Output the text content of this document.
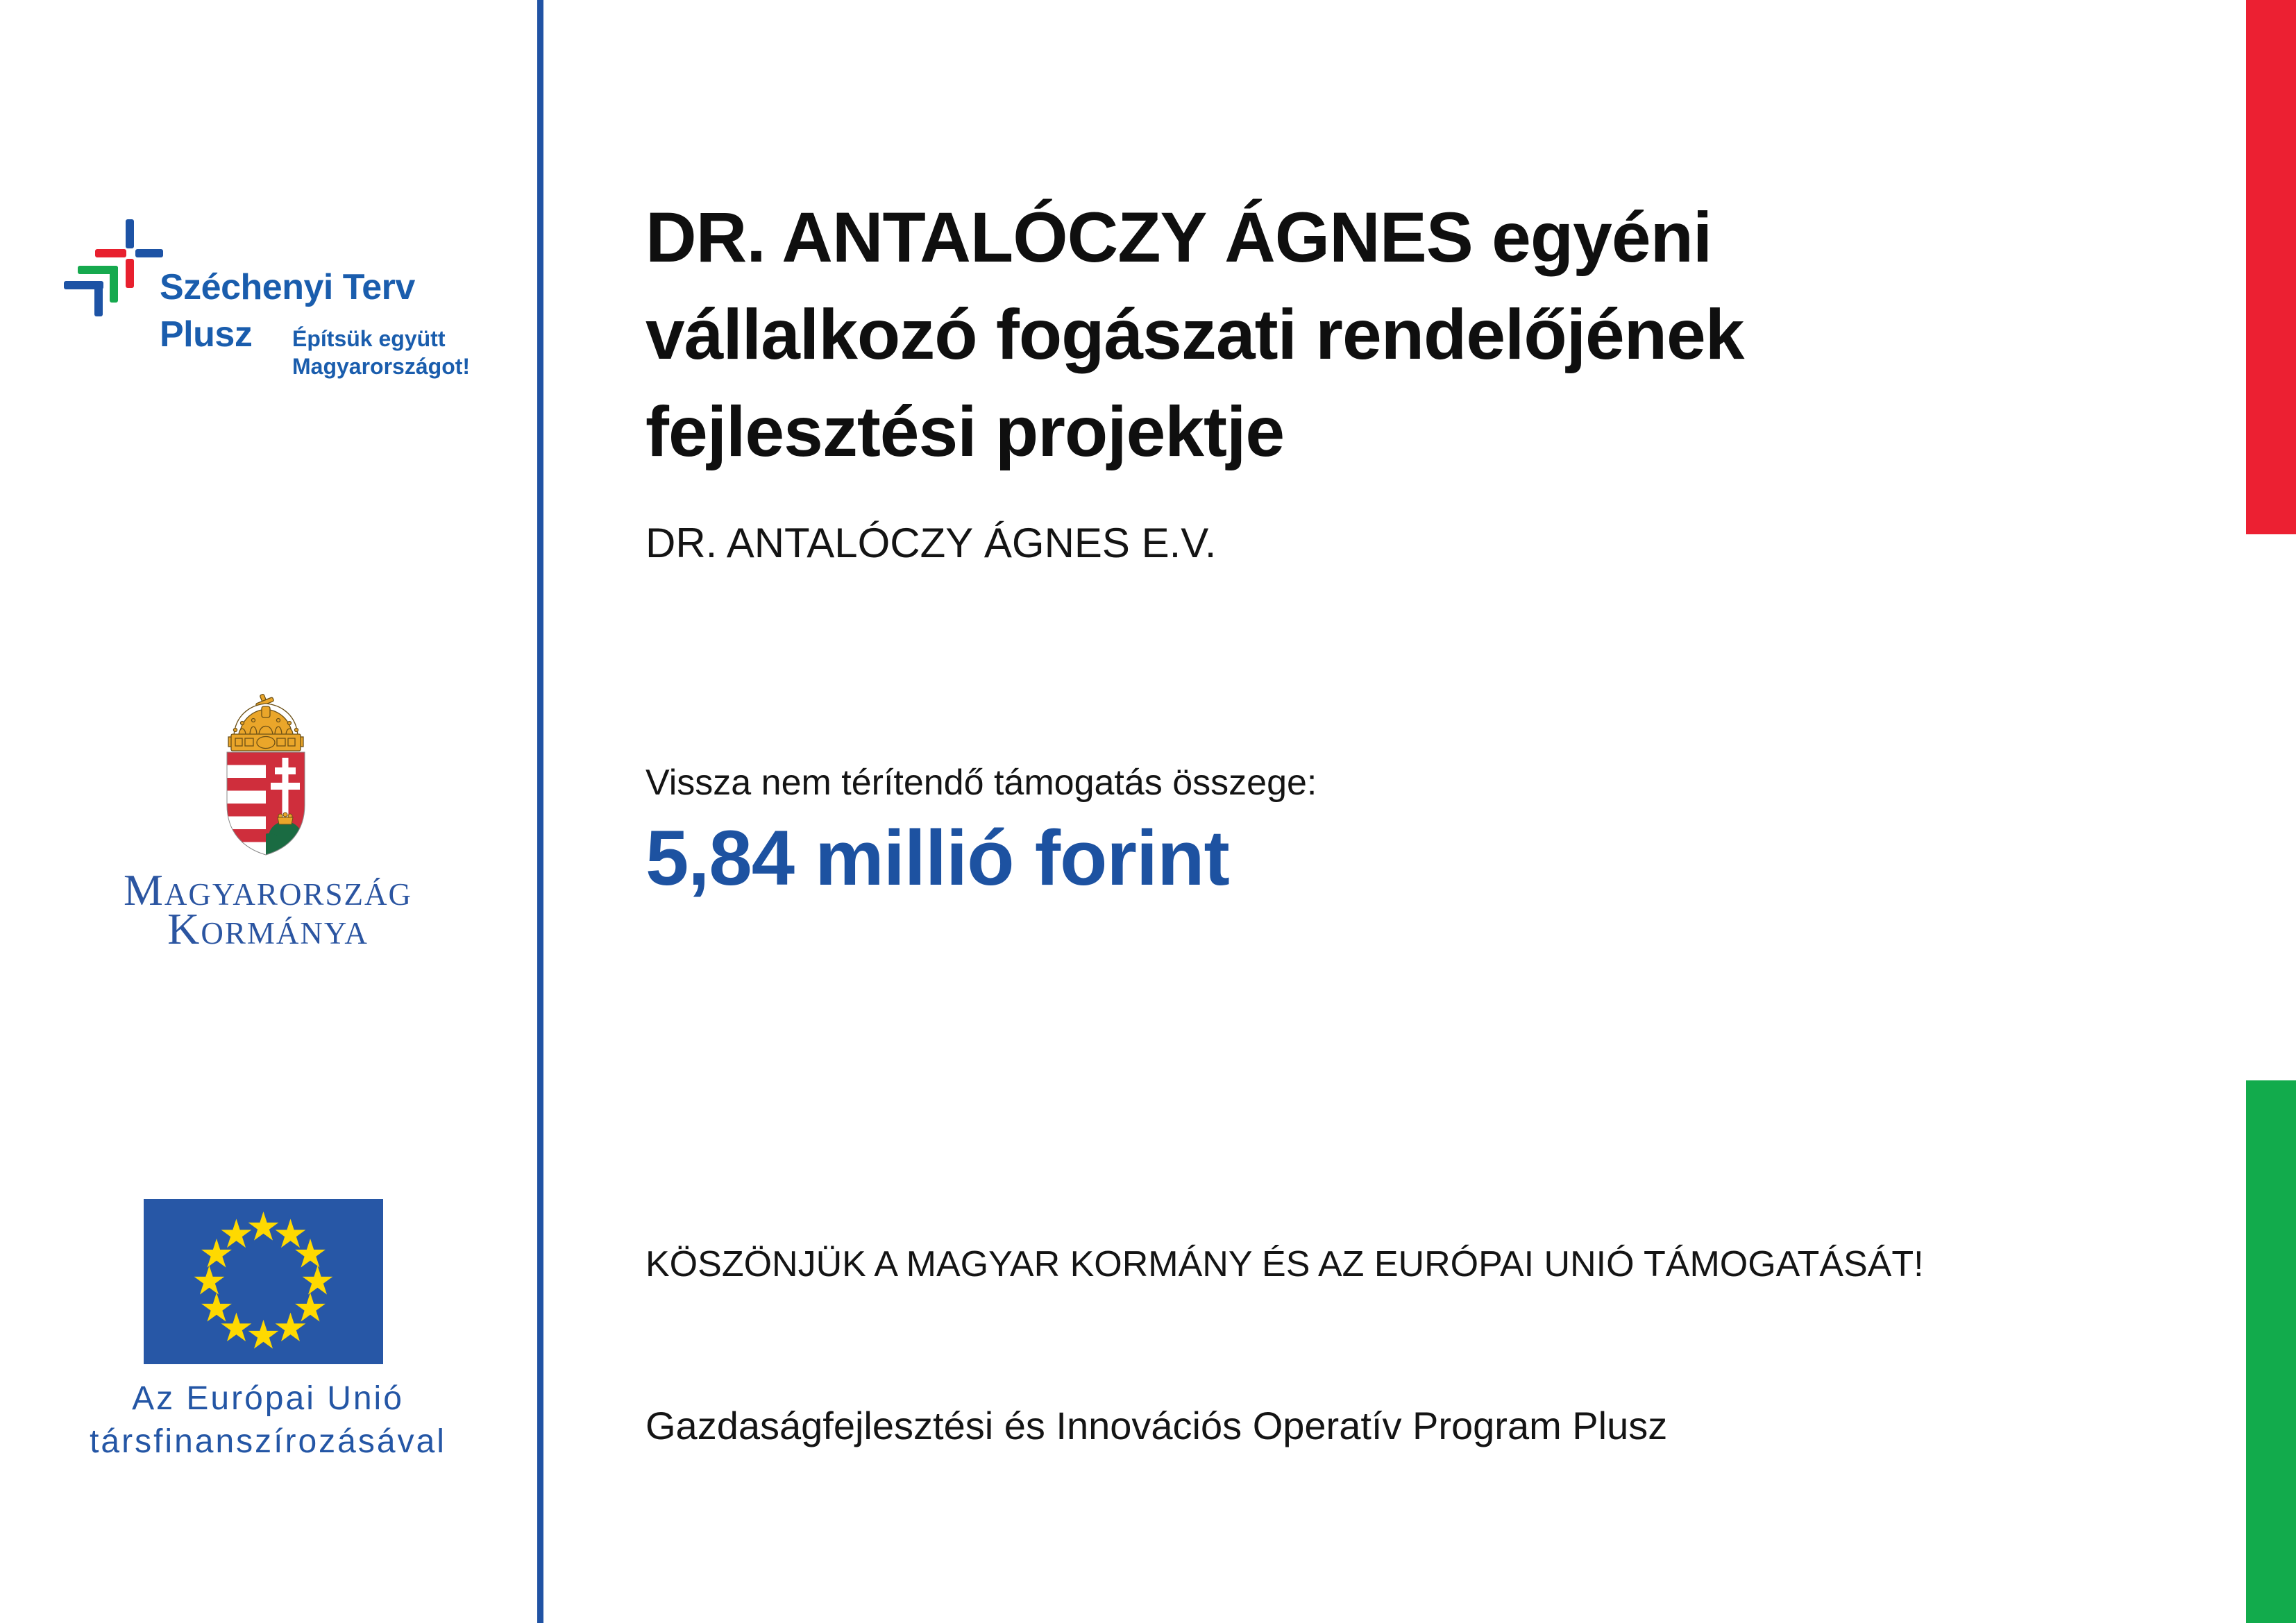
Széchenyi Terv
Plusz Építsük együtt
Magyarországot!
Magyarország
Kormánya
Az Európai Unió
társfinanszírozásával
DR. ANTALÓCZY ÁGNES egyéni
vállalkozó fogászati rendelőjének
fejlesztési projektje
DR. ANTALÓCZY ÁGNES E.V.
Vissza nem térítendő támogatás összege:
5,84 millió forint
KÖSZÖNJÜK A MAGYAR KORMÁNY ÉS AZ EURÓPAI UNIÓ TÁMOGATÁSÁT!
Gazdaságfejlesztési és Innovációs Operatív Program Plusz
